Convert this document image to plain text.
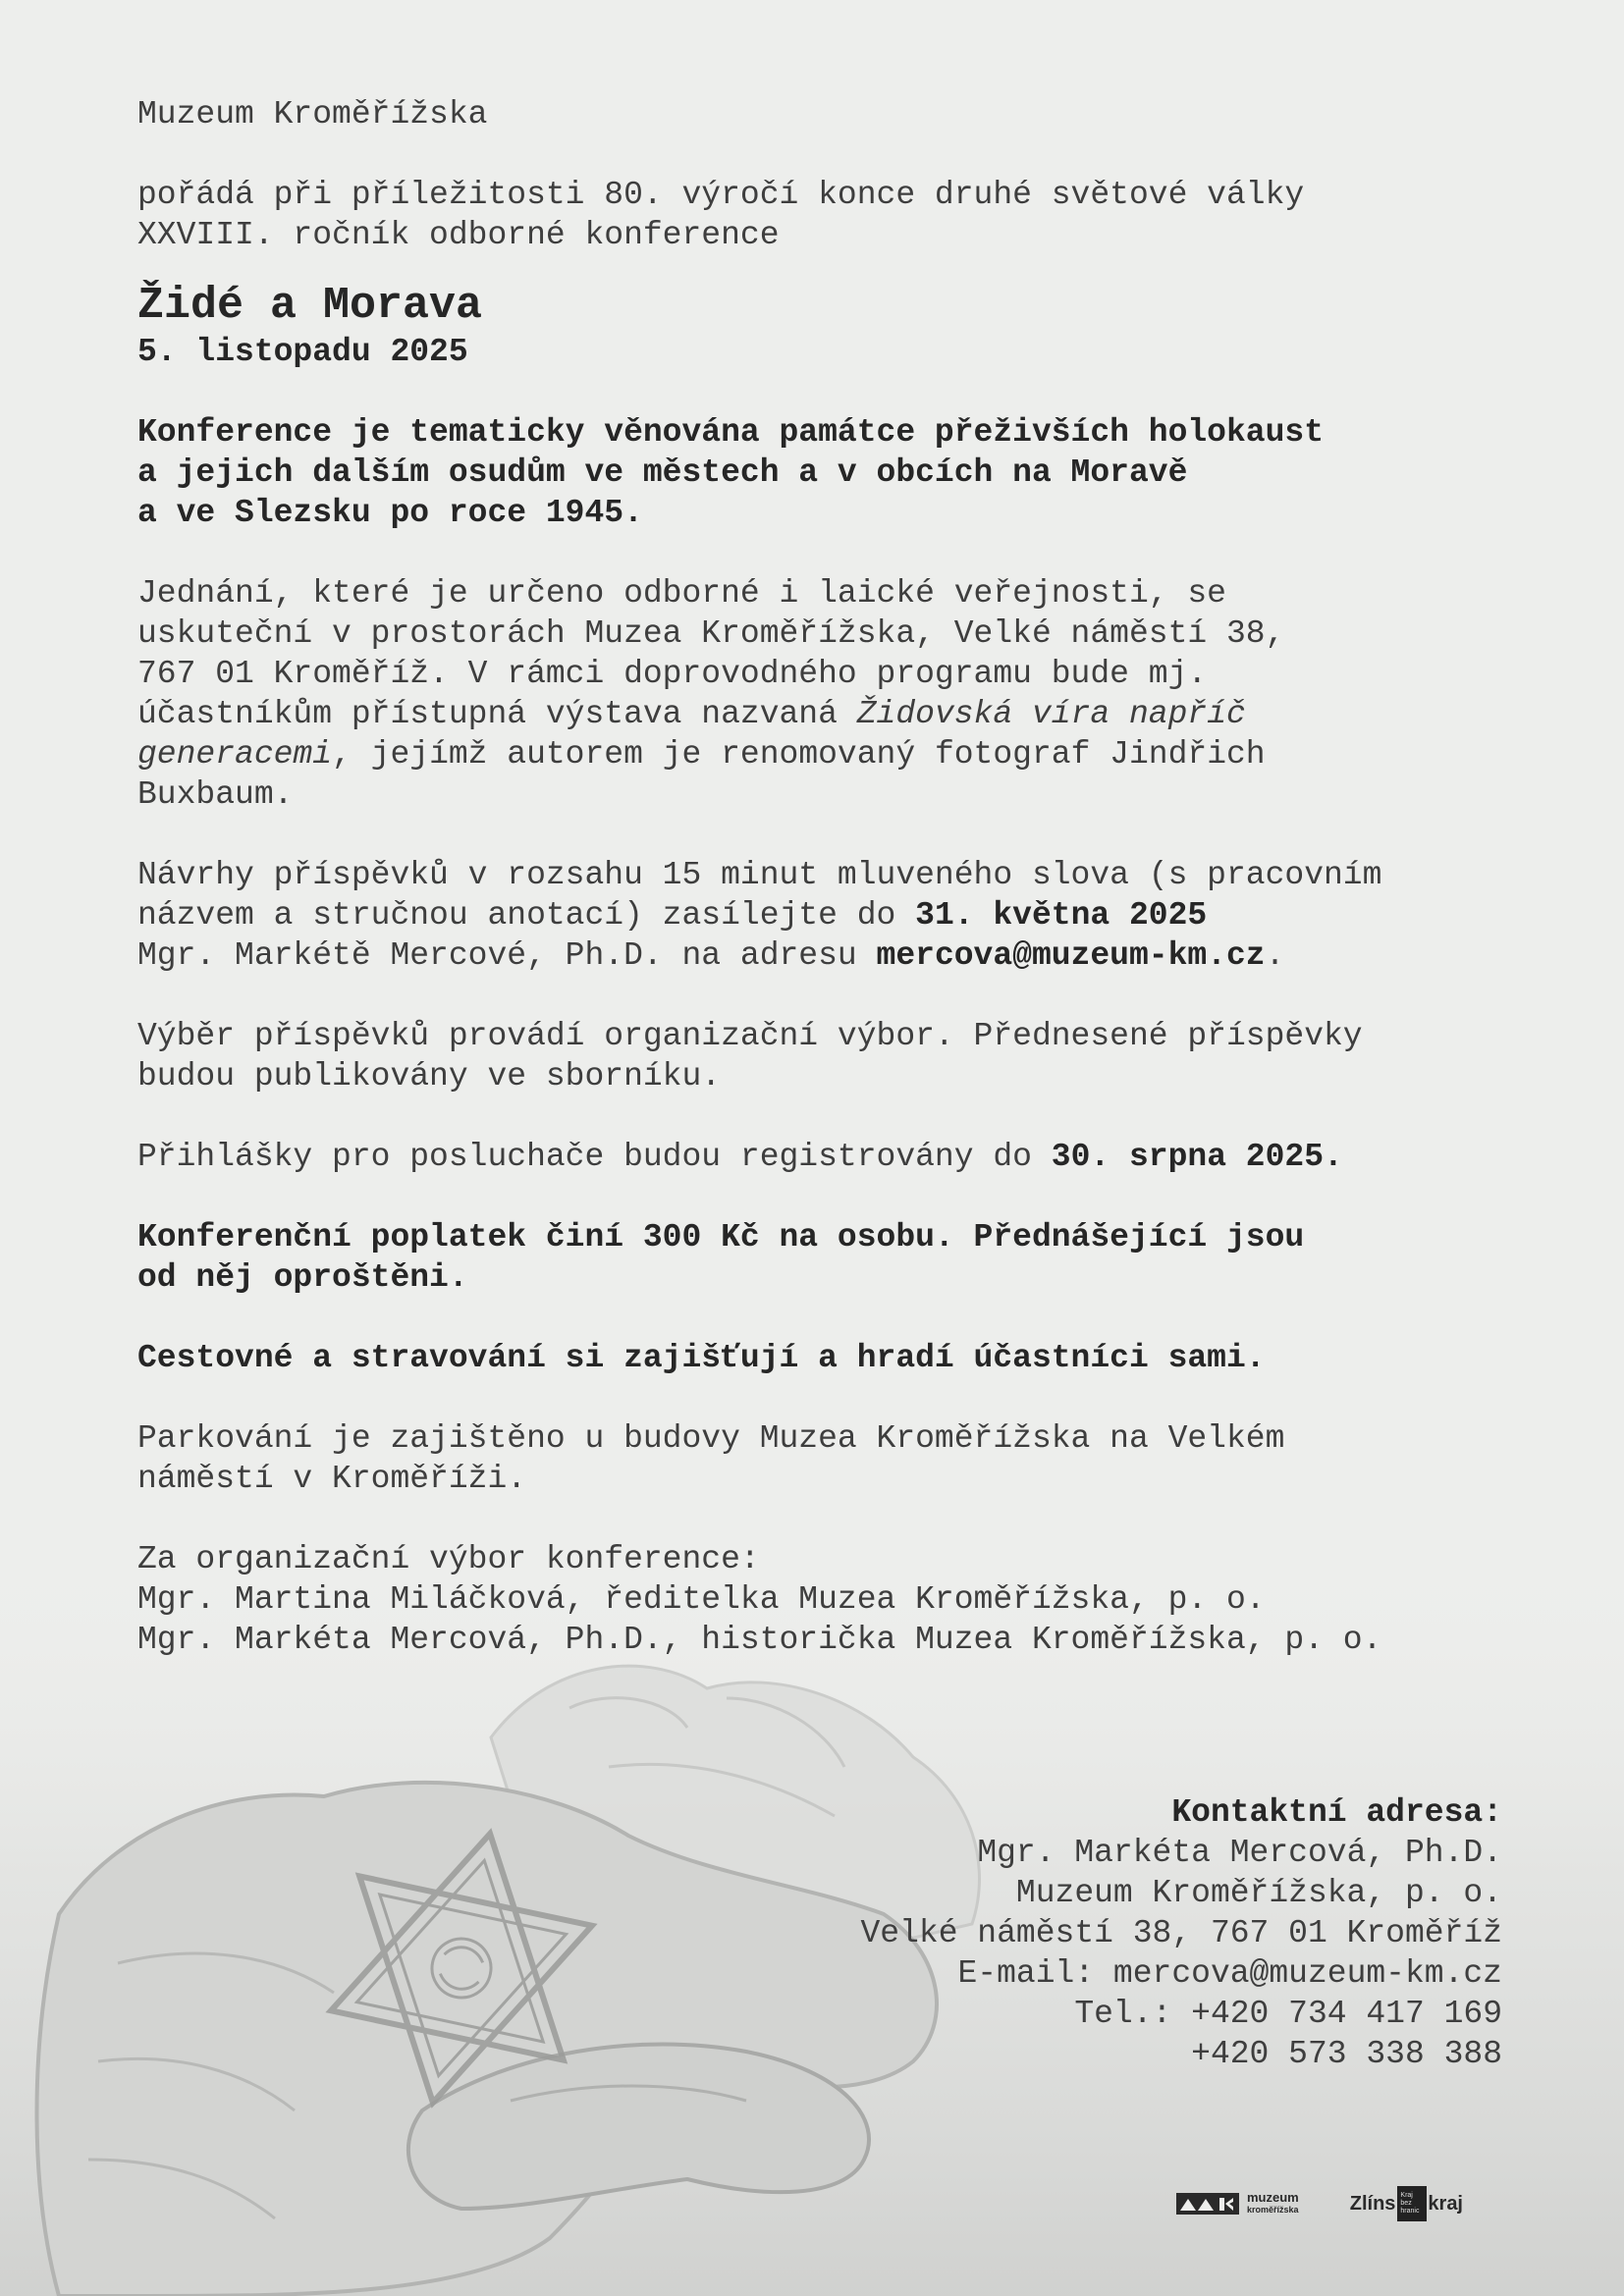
Muzeum Kroměřížska

pořádá při příležitosti 80. výročí konce druhé světové války
XXVIII. ročník odborné konference

Židé a Morava

5. listopadu 2025

Konference je tematicky věnována památce přeživších holokaust
a jejich dalším osudům ve městech a v obcích na Moravě
a ve Slezsku po roce 1945.

Jednání, které je určeno odborné i laické veřejnosti, se
uskuteční v prostorách Muzea Kroměřížska, Velké náměstí 38,
767 01 Kroměříž. V rámci doprovodného programu bude mj.
účastníkům přístupná výstava nazvaná Židovská víra napříč
generacemi, jejímž autorem je renomovaný fotograf Jindřich
Buxbaum.

Návrhy příspěvků v rozsahu 15 minut mluveného slova (s pracovním
názvem a stručnou anotací) zasílejte do 31. května 2025
Mgr. Markétě Mercové, Ph.D. na adresu mercova@muzeum-km.cz.

Výběr příspěvků provádí organizační výbor. Přednesené příspěvky
budou publikovány ve sborníku.

Přihlášky pro posluchače budou registrovány do 30. srpna 2025.

Konferenční poplatek činí 300 Kč na osobu. Přednášející jsou
od něj oproštěni.

Cestovné a stravování si zajišťují a hradí účastníci sami.

Parkování je zajištěno u budovy Muzea Kroměřížska na Velkém
náměstí v Kroměříži.

Za organizační výbor konference:

Mgr. Martina Miláčková, ředitelka Muzea Kroměřížska, p. o.

Mgr. Markéta Mercová, Ph.D., historička Muzea Kroměřížska, p. o.

Kontaktní adresa:
Mgr. Markéta Mercová, Ph.D.
Muzeum Kroměřížska, p. o.
Velké náměstí 38, 767 01 Kroměříž
E-mail: mercova@muzeum-km.cz
Tel.: +420 734 417 169
+420 573 338 388
muzeum
kroměřížska	Zlíns Kraj bez hranic kraj
